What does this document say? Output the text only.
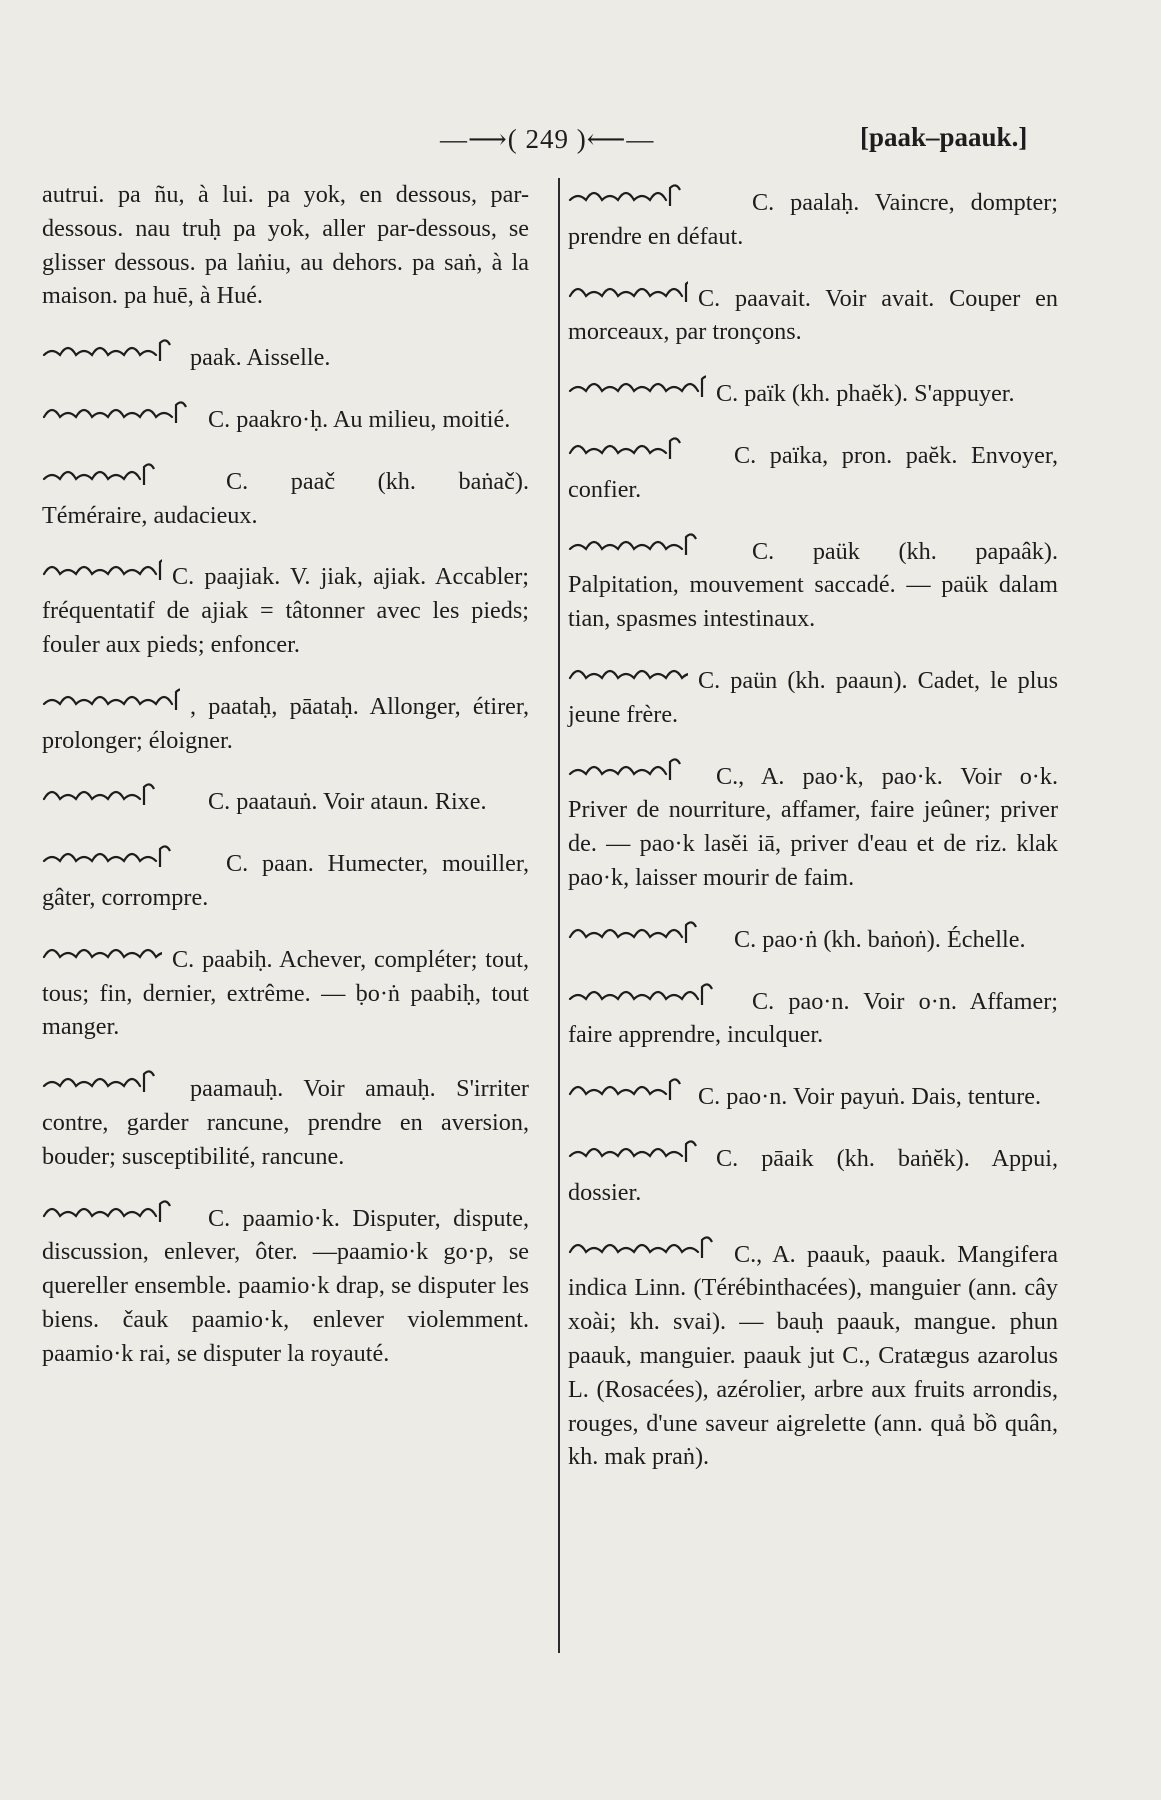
—⟶( 249 )⟵—	[paak–paauk.]
autrui. pa ñu, à lui. pa yok, en dessous, par-dessous. nau truḥ pa yok, aller par-dessous, se glisser dessous. pa laṅiu, au dehors. pa saṅ, à la maison. pa huē, à Hué.
paak. Aisselle.
C. paakro·ḥ. Au milieu, moitié.
C. paač (kh. baṅač). Téméraire, audacieux.
C. paajiak. V. jiak, ajiak. Accabler; fréquentatif de ajiak = tâtonner avec les pieds; fouler aux pieds; enfoncer.
, paataḥ, pāataḥ. Allonger, étirer, prolonger; éloigner.
C. paatauṅ. Voir ataun. Rixe.
C. paan. Humecter, mouiller, gâter, corrompre.
C. paabiḥ. Achever, compléter; tout, tous; fin, dernier, extrême. — ḅo·ṅ paabiḥ, tout manger.
paamauḥ. Voir amauḥ. S'irriter contre, garder rancune, prendre en aversion, bouder; susceptibilité, rancune.
C. paamio·k. Disputer, dispute, discussion, enlever, ôter. —paamio·k go·p, se quereller ensemble. paamio·k drap, se disputer les biens. čauk paamio·k, enlever violemment. paamio·k rai, se disputer la royauté.
C. paalaḥ. Vaincre, dompter; prendre en défaut.
C. paavait. Voir avait. Couper en morceaux, par tronçons.
C. païk (kh. phaĕk). S'appuyer.
C. païka, pron. paĕk. Envoyer, confier.
C. paük (kh. papaâk). Palpitation, mouvement saccadé. — paük dalam tian, spasmes intestinaux.
C. paün (kh. paaun). Cadet, le plus jeune frère.
C., A. pao·k, pao·k. Voir o·k. Priver de nourriture, affamer, faire jeûner; priver de. — pao·k lasĕi iā, priver d'eau et de riz. klak pao·k, laisser mourir de faim.
C. pao·ṅ (kh. baṅoṅ). Échelle.
C. pao·n. Voir o·n. Affamer; faire apprendre, inculquer.
C. pao·n. Voir payuṅ. Dais, tenture.
C. pāaik (kh. baṅĕk). Appui, dossier.
C., A. paauk, paauk. Mangifera indica Linn. (Térébinthacées), manguier (ann. cây xoài; kh. svai). — bauḥ paauk, mangue. phun paauk, manguier. paauk jut C., Cratægus azarolus L. (Rosacées), azérolier, arbre aux fruits arrondis, rouges, d'une saveur aigrelette (ann. quả bồ quân, kh. mak praṅ).
